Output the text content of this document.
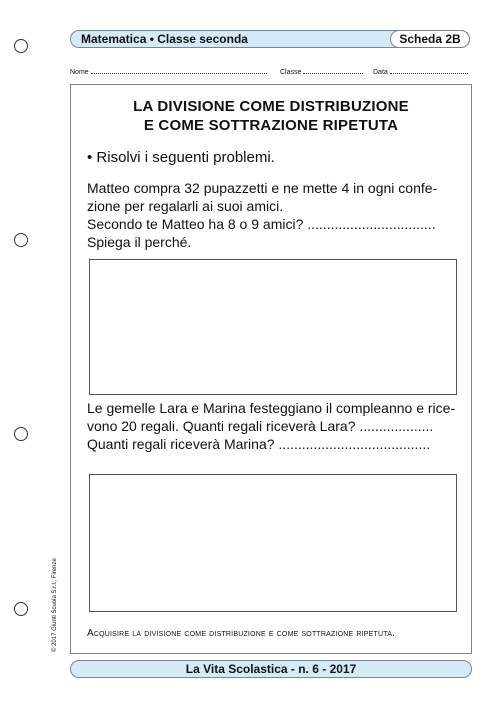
Matematica • Classe seconda	Scheda 2B
Nome	Classe	Data
LA DIVISIONE COME DISTRIBUZIONE
E COME SOTTRAZIONE RIPETUTA
• Risolvi i seguenti problemi.
Matteo compra 32 pupazzetti e ne mette 4 in ogni confe-
zione per regalarli ai suoi amici.
Secondo te Matteo ha 8 o 9 amici? .................................
Spiega il perché.
Le gemelle Lara e Marina festeggiano il compleanno e rice-
vono 20 regali. Quanti regali riceverà Lara? ...................
Quanti regali riceverà Marina? .......................................
Acquisire la divisione come distribuzione e come sottrazione ripetuta.
© 2017 Giunti Scuola S.r.l., Firenze
La Vita Scolastica - n. 6 - 2017
